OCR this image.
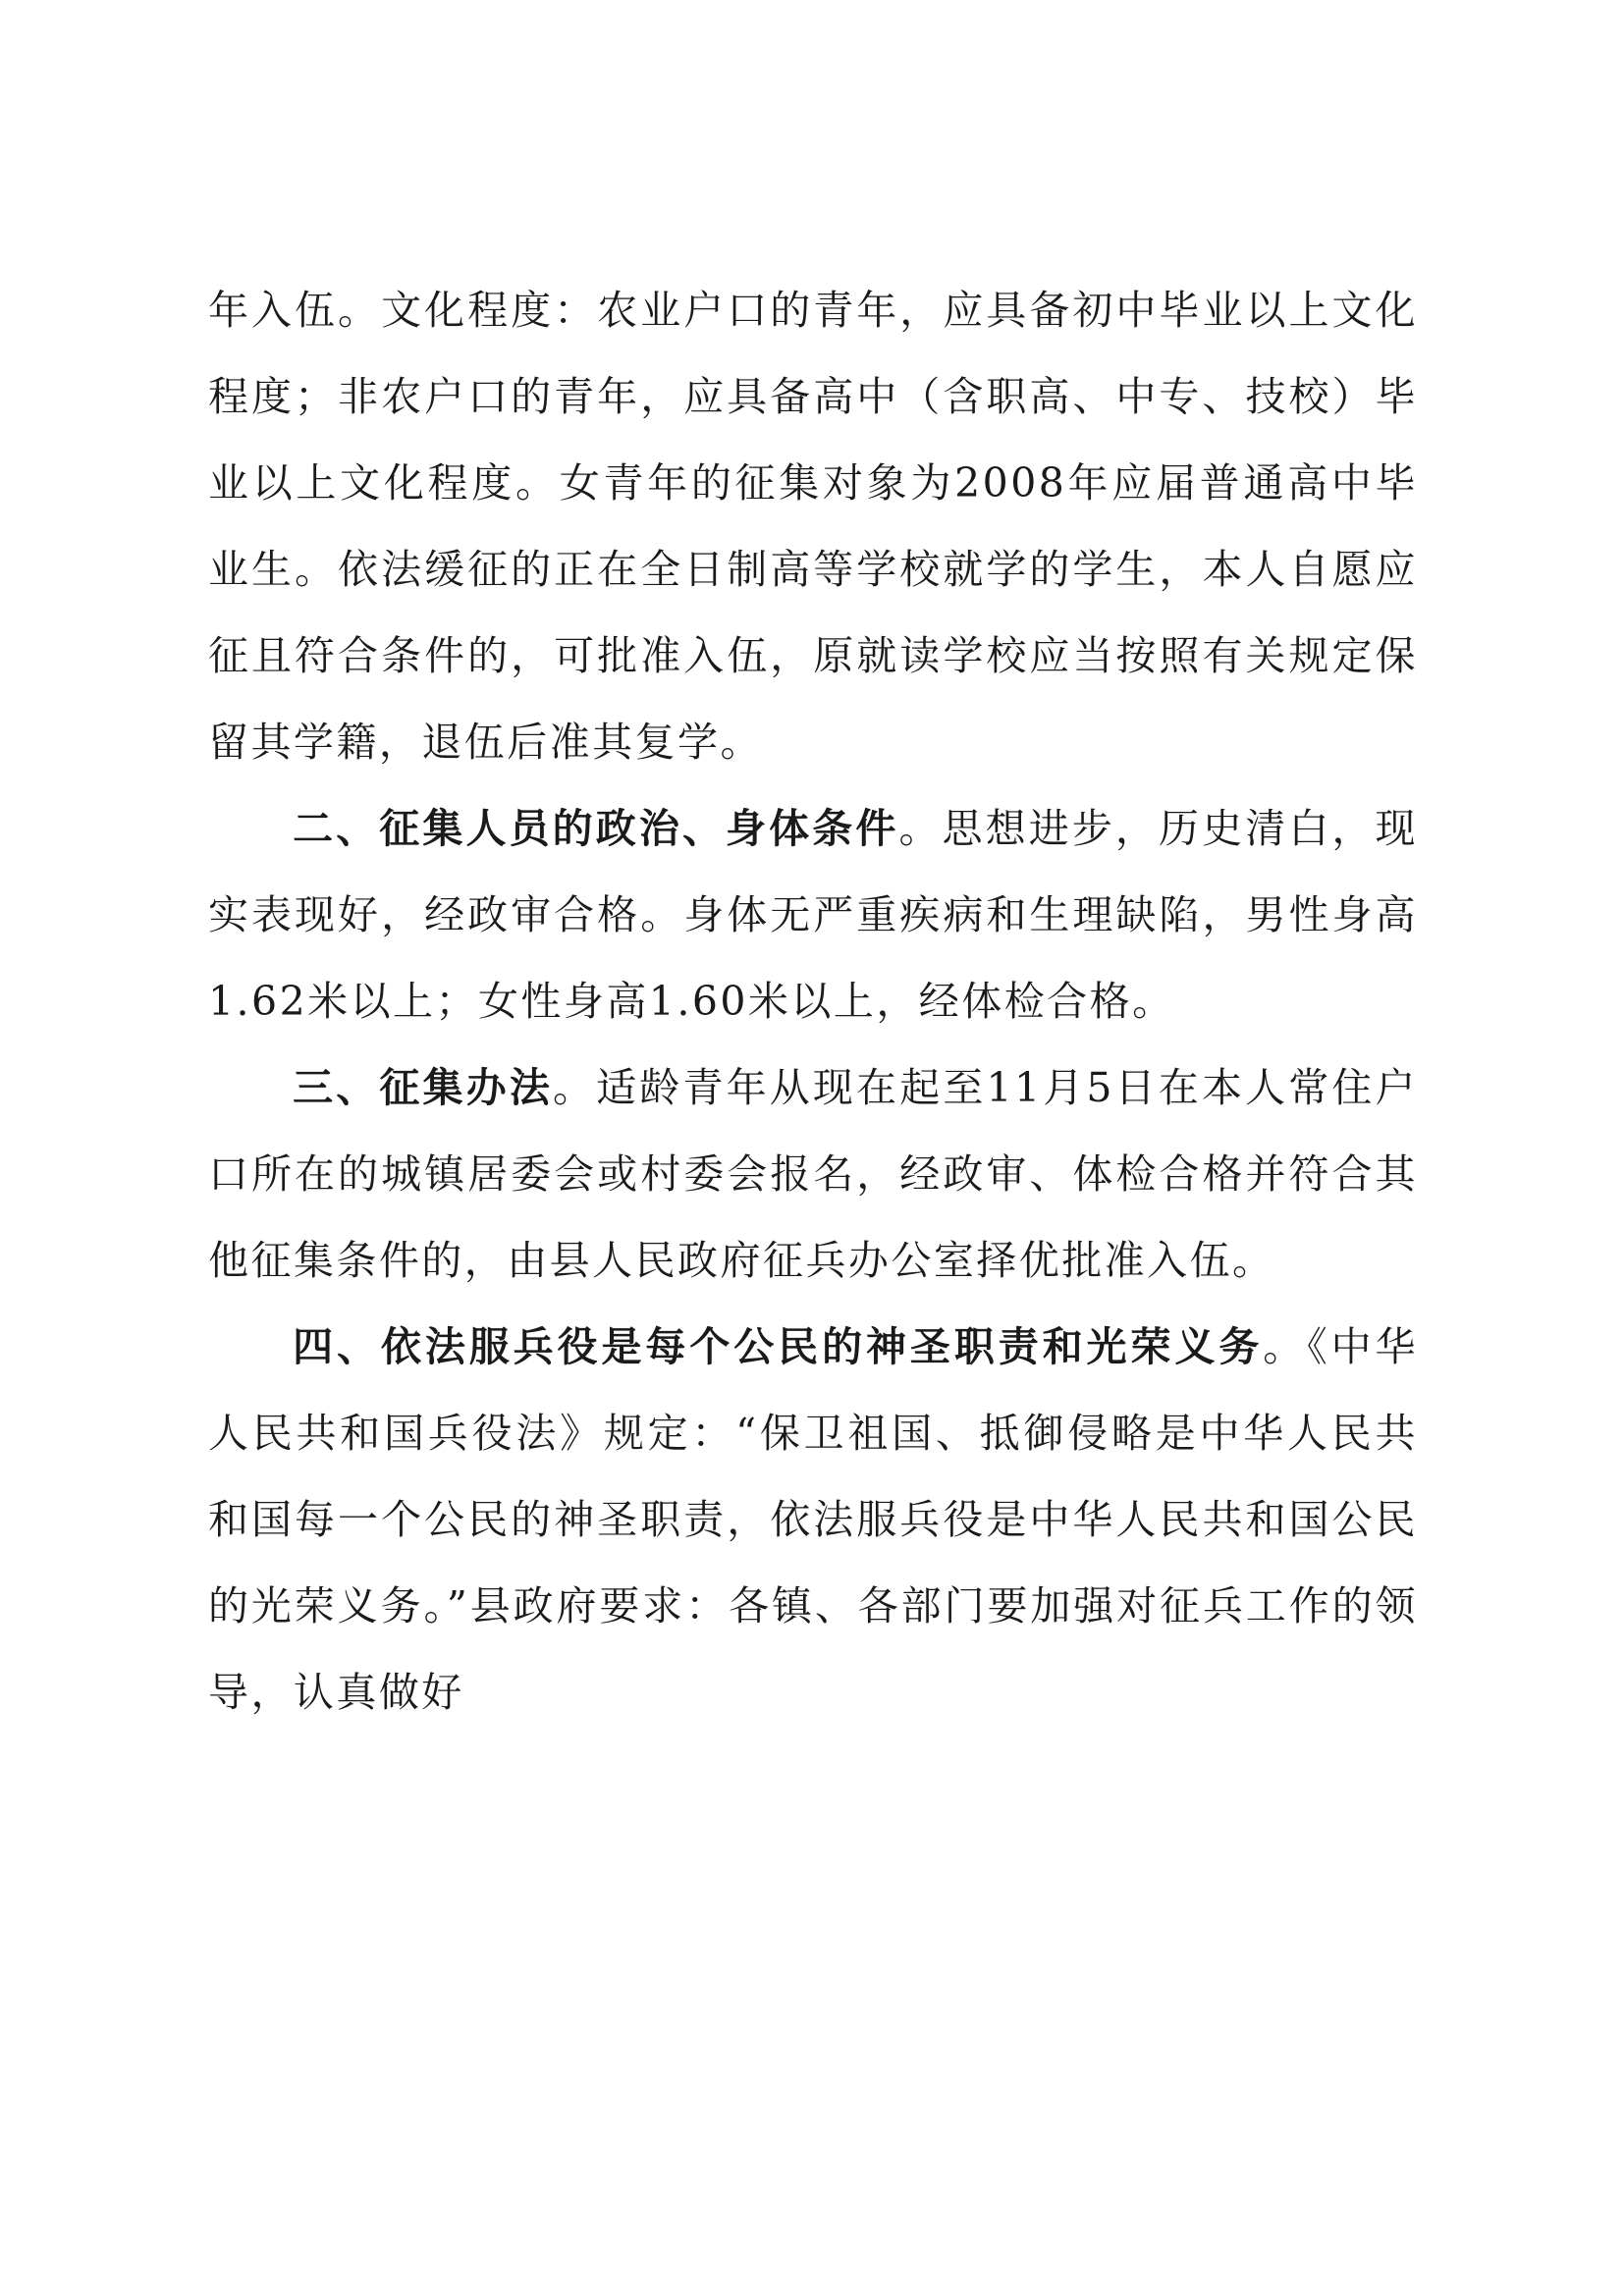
年入伍。文化程度：农业户口的青年，应具备初中毕业以上文化程度；非农户口的青年，应具备高中（含职高、中专、技校）毕业以上文化程度。女青年的征集对象为2008年应届普通高中毕业生。依法缓征的正在全日制高等学校就学的学生，本人自愿应征且符合条件的，可批准入伍，原就读学校应当按照有关规定保留其学籍，退伍后准其复学。

二、征集人员的政治、身体条件。思想进步，历史清白，现实表现好，经政审合格。身体无严重疾病和生理缺陷，男性身高1.62米以上；女性身高1.60米以上，经体检合格。

三、征集办法。适龄青年从现在起至11月5日在本人常住户口所在的城镇居委会或村委会报名，经政审、体检合格并符合其他征集条件的，由县人民政府征兵办公室择优批准入伍。

四、依法服兵役是每个公民的神圣职责和光荣义务。《中华人民共和国兵役法》规定：“保卫祖国、抵御侵略是中华人民共和国每一个公民的神圣职责，依法服兵役是中华人民共和国公民的光荣义务。”县政府要求：各镇、各部门要加强对征兵工作的领导，认真做好
